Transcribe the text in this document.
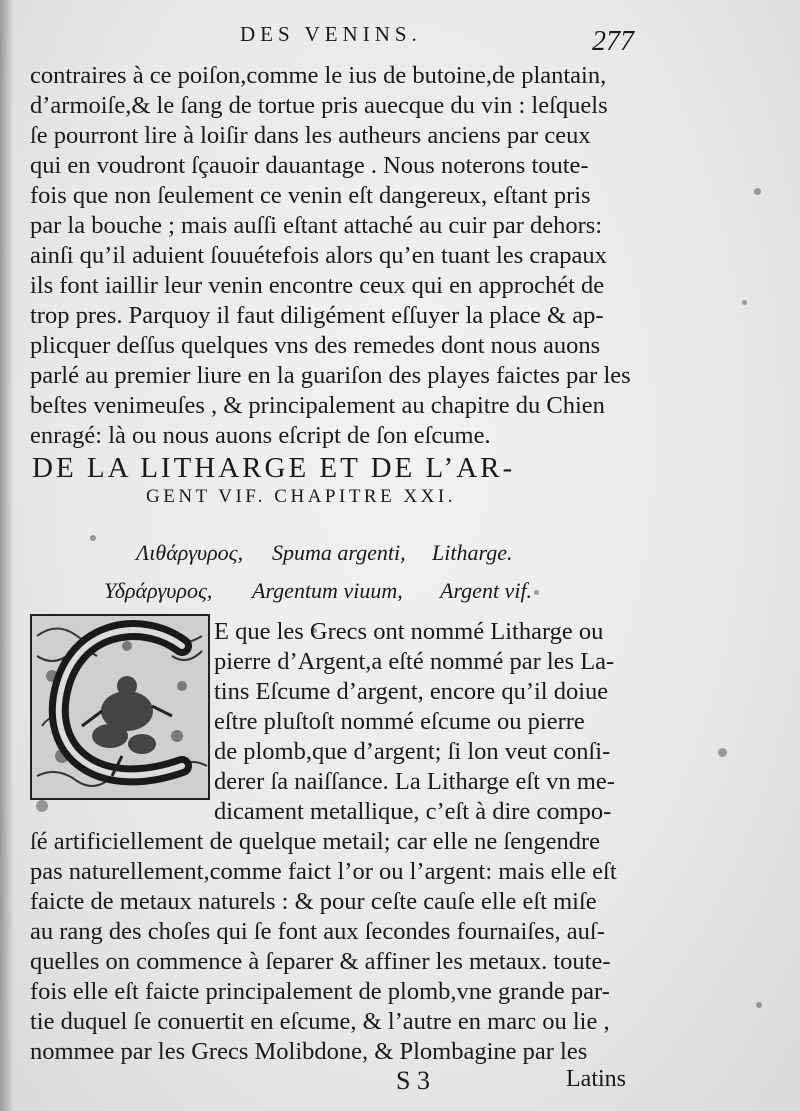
DES VENINS.	277
contraires à ce poiſon,comme le ius de butoine,de plantain,
d’armoiſe,& le ſang de tortue pris auecque du vin : leſquels
ſe pourront lire à loiſir dans les autheurs anciens par ceux
qui en voudront ſçauoir dauantage . Nous noterons toute-
fois que non ſeulement ce venin eſt dangereux, eſtant pris
par la bouche ; mais auſſi eſtant attaché au cuir par dehors:
ainſi qu’il aduient ſouuétefois alors qu’en tuant les crapaux
ils font iaillir leur venin encontre ceux qui en approchét de
trop pres. Parquoy il faut diligément eſſuyer la place & ap-
plicquer deſſus quelques vns des remedes dont nous auons
parlé au premier liure en la guariſon des playes faictes par les
beſtes venimeuſes , & principalement au chapitre du Chien
enragé: là ou nous auons eſcript de ſon eſcume.
DE LA LITHARGE ET DE L’AR-
GENT VIF. CHAPITRE XXI.
Λιθάργυρος, Spuma argenti, Litharge.
Υδράργυρος, Argentum viuum, Argent vif.
E que les Grecs ont nommé Litharge ou
pierre d’Argent,a eſté nommé par les La-
tins Eſcume d’argent, encore qu’il doiue
eſtre pluſtoſt nommé eſcume ou pierre
de plomb,que d’argent; ſi lon veut conſi-
derer ſa naiſſance. La Litharge eſt vn me-
dicament metallique, c’eſt à dire compo-
ſé artificiellement de quelque metail; car elle ne ſengendre
pas naturellement,comme faict l’or ou l’argent: mais elle eſt
faicte de metaux naturels : & pour ceſte cauſe elle eſt miſe
au rang des choſes qui ſe font aux ſecondes fournaiſes, auſ-
quelles on commence à ſeparer & affiner les metaux. toute-
fois elle eſt faicte principalement de plomb,vne grande par-
tie duquel ſe conuertit en eſcume, & l’autre en marc ou lie ,
nommee par les Grecs Molibdone, & Plombagine par les
S 3	Latins
